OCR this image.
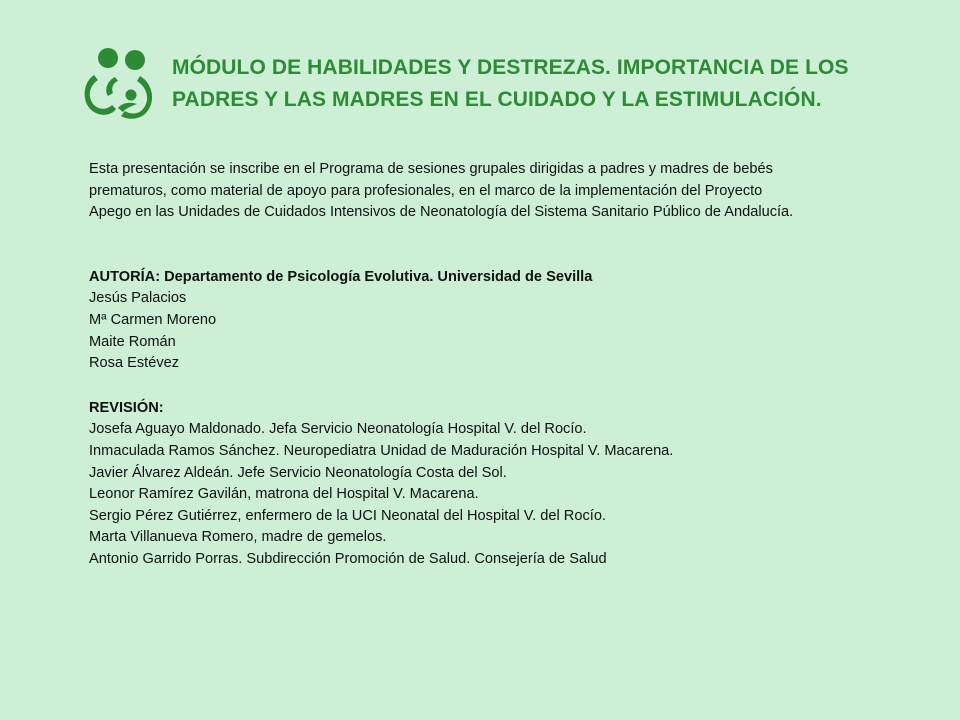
MÓDULO DE HABILIDADES Y DESTREZAS. IMPORTANCIA DE LOS
PADRES Y LAS MADRES EN EL CUIDADO Y LA ESTIMULACIÓN.
Esta presentación se inscribe en el Programa de sesiones grupales dirigidas a padres y madres de bebés
prematuros, como material de apoyo para profesionales, en el marco de la implementación del Proyecto
Apego en las Unidades de Cuidados Intensivos de Neonatología del Sistema Sanitario Público de Andalucía.
AUTORÍA: Departamento de Psicología Evolutiva. Universidad de Sevilla
Jesús Palacios
Mª Carmen Moreno
Maite Román
Rosa Estévez
REVISIÓN:
Josefa Aguayo Maldonado. Jefa Servicio Neonatología Hospital V. del Rocío.
Inmaculada Ramos Sánchez. Neuropediatra Unidad de Maduración Hospital V. Macarena.
Javier Álvarez Aldeán. Jefe Servicio Neonatología Costa del Sol.
Leonor Ramírez Gavilán, matrona del Hospital V. Macarena.
Sergio Pérez Gutiérrez, enfermero de la UCI Neonatal del Hospital V. del Rocío.
Marta Villanueva Romero, madre de gemelos.
Antonio Garrido Porras. Subdirección Promoción de Salud. Consejería de Salud
